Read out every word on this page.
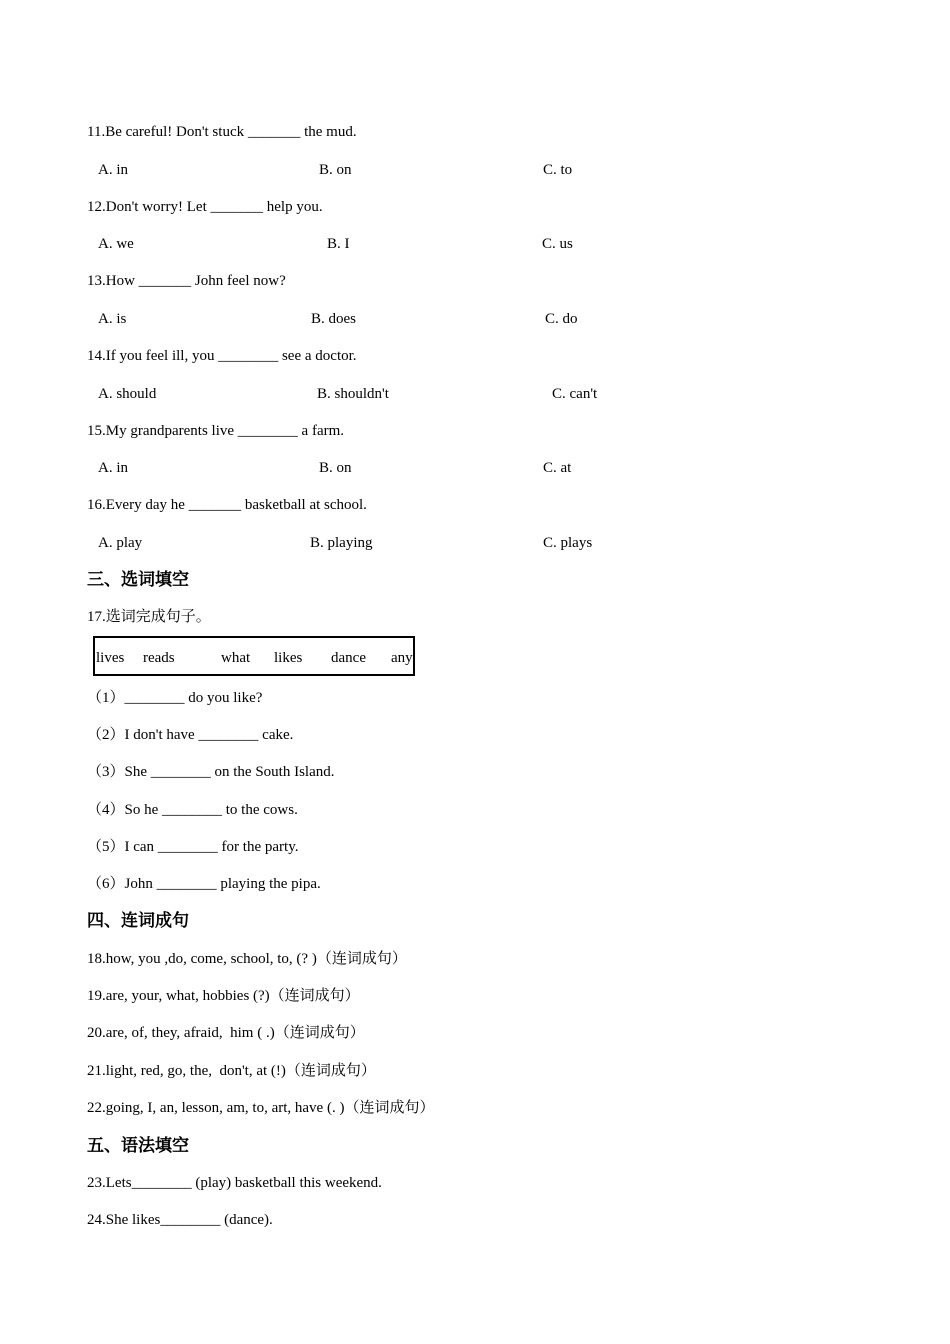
11.Be careful! Don't stuck _______ the mud.
A. in	B. on	C. to
12.Don't worry! Let _______ help you.
A. we	B. I	C. us
13.How _______ John feel now?
A. is	B. does	C. do
14.If you feel ill, you ________ see a doctor.
A. should	B. shouldn't	C. can't
15.My grandparents live ________ a farm.
A. in	B. on	C. at
16.Every day he _______ basketball at school.
A. play	B. playing	C. plays
三、选词填空
17.选词完成句子。
lives reads	what likes dance any
（1）________ do you like?
（2）I don't have ________ cake.
（3）She ________ on the South Island.
（4）So he ________ to the cows.
（5）I can ________ for the party.
（6）John ________ playing the pipa.
四、连词成句
18.how, you ,do, come, school, to, (? )（连词成句）
19.are, your, what, hobbies (?)（连词成句）
20.are, of, they, afraid,  him ( .)（连词成句）
21.light, red, go, the,  don't, at (!)（连词成句）
22.going, I, an, lesson, am, to, art, have (. )（连词成句）
五、语法填空
23.Lets________ (play) basketball this weekend.
24.She likes________ (dance).
